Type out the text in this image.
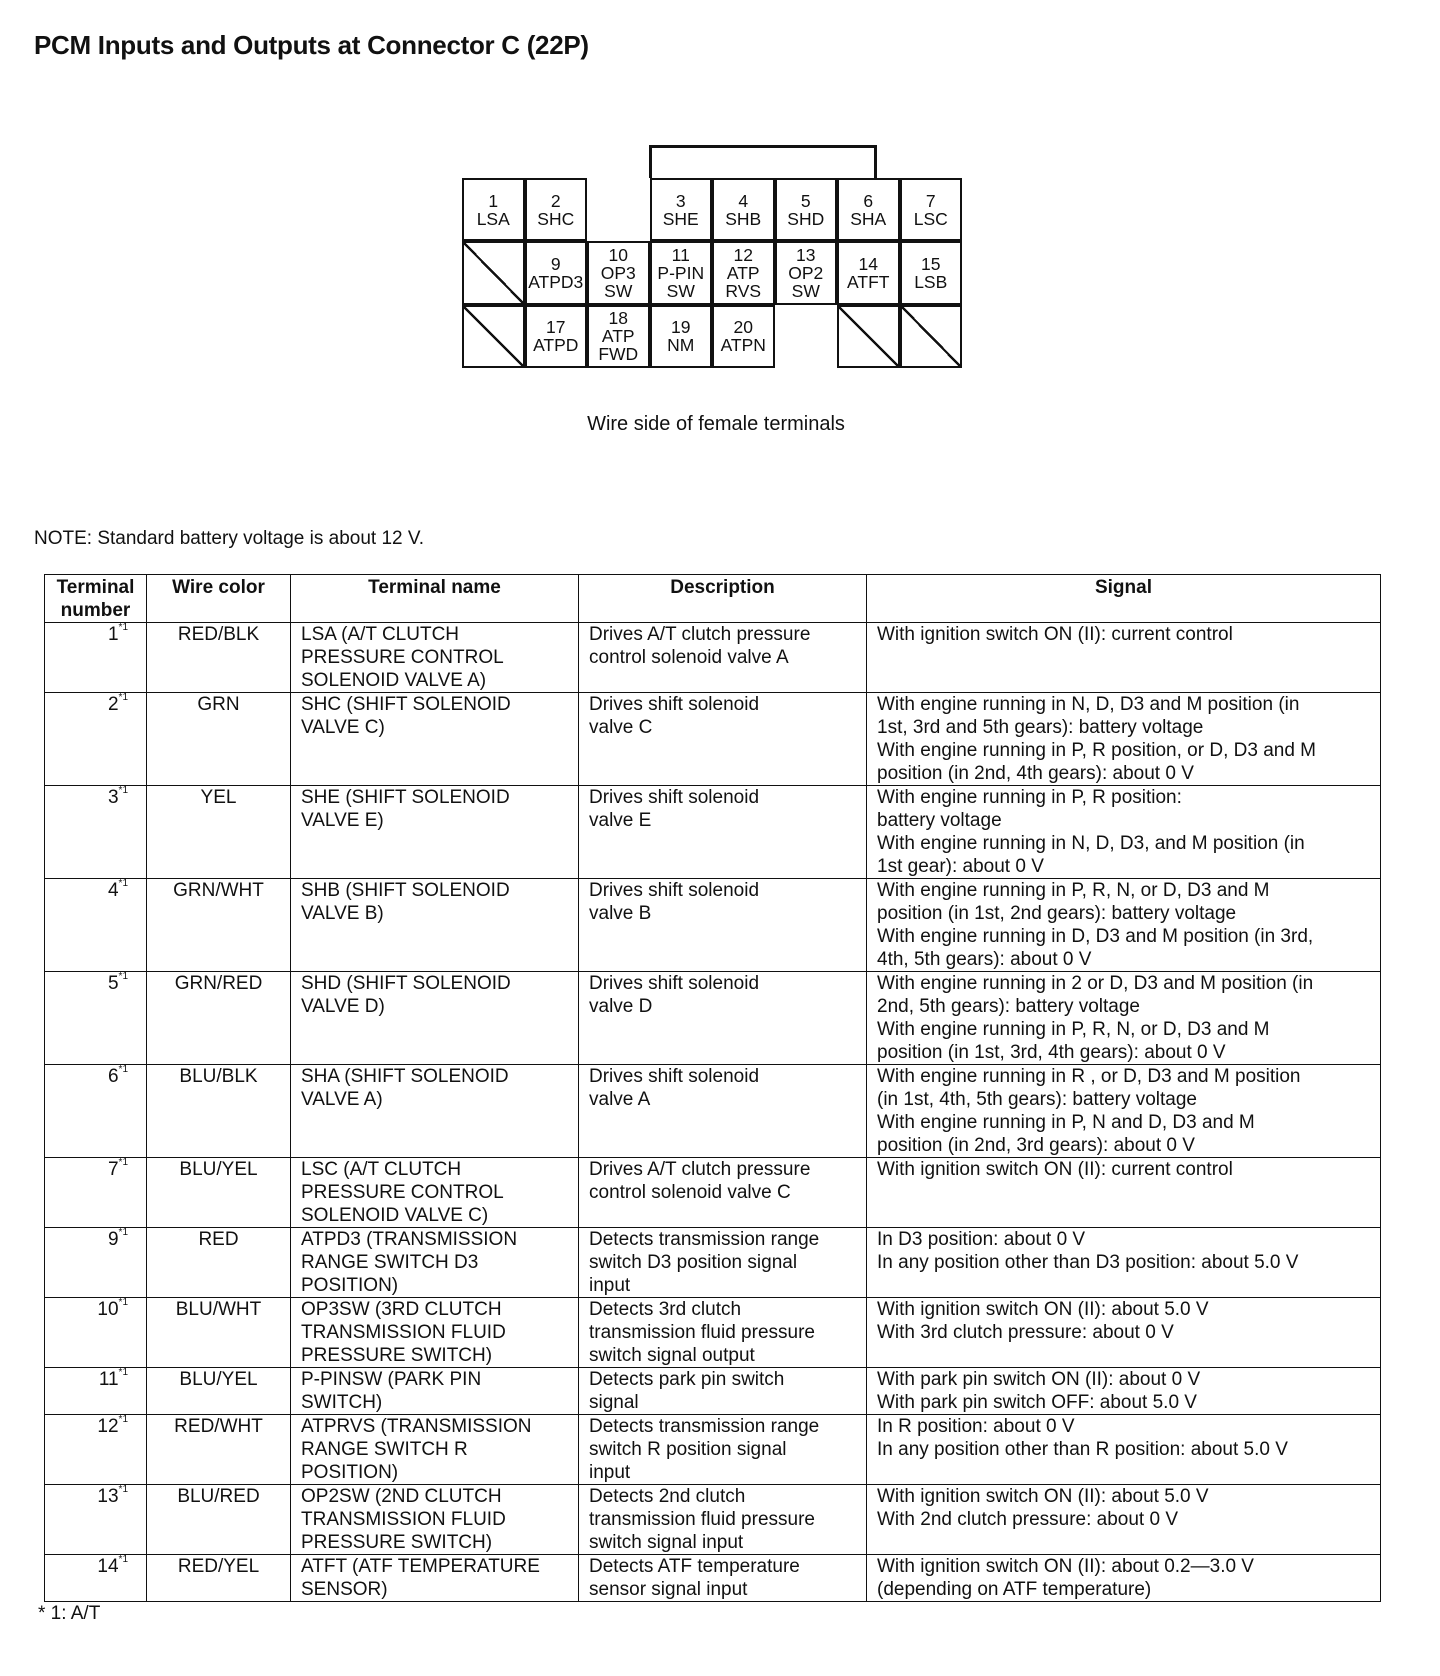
PCM Inputs and Outputs at Connector C (22P)
1
LSA
2
SHC
3
SHE
4
SHB
5
SHD
6
SHA
7
LSC
9
ATPD3
10
OP3
SW
11
P-PIN
SW
12
ATP
RVS
13
OP2
SW
14
ATFT
15
LSB
17
ATPD
18
ATP
FWD
19
NM
20
ATPN
Wire side of female terminals
NOTE: Standard battery voltage is about 12 V.
Terminal
number	Wire color	Terminal name	Description	Signal
1$^{*1}$	RED/BLK	LSA (A/T CLUTCH
PRESSURE CONTROL
SOLENOID VALVE A)	Drives A/T clutch pressure
control solenoid valve A	With ignition switch ON (II): current control

2$^{*1}$	GRN	SHC (SHIFT SOLENOID
VALVE C)	Drives shift solenoid
valve C	With engine running in N, D, D3 and M position (in
1st, 3rd and 5th gears): battery voltage
With engine running in P, R position, or D, D3 and M
position (in 2nd, 4th gears): about 0 V

3$^{*1}$	YEL	SHE (SHIFT SOLENOID
VALVE E)	Drives shift solenoid
valve E	With engine running in P, R position:
battery voltage
With engine running in N, D, D3, and M position (in
1st gear): about 0 V

4$^{*1}$	GRN/WHT	SHB (SHIFT SOLENOID
VALVE B)	Drives shift solenoid
valve B	With engine running in P, R, N, or D, D3 and M
position (in 1st, 2nd gears): battery voltage
With engine running in D, D3 and M position (in 3rd,
4th, 5th gears): about 0 V

5$^{*1}$	GRN/RED	SHD (SHIFT SOLENOID
VALVE D)	Drives shift solenoid
valve D	With engine running in 2 or D, D3 and M position (in
2nd, 5th gears): battery voltage
With engine running in P, R, N, or D, D3 and M
position (in 1st, 3rd, 4th gears): about 0 V

6$^{*1}$	BLU/BLK	SHA (SHIFT SOLENOID
VALVE A)	Drives shift solenoid
valve A	With engine running in R , or D, D3 and M position
(in 1st, 4th, 5th gears): battery voltage
With engine running in P, N and D, D3 and M
position (in 2nd, 3rd gears): about 0 V

7$^{*1}$	BLU/YEL	LSC (A/T CLUTCH
PRESSURE CONTROL
SOLENOID VALVE C)	Drives A/T clutch pressure
control solenoid valve C	With ignition switch ON (II): current control

9$^{*1}$	RED	ATPD3 (TRANSMISSION
RANGE SWITCH D3
POSITION)	Detects transmission range
switch D3 position signal
input	In D3 position: about 0 V
In any position other than D3 position: about 5.0 V

10$^{*1}$	BLU/WHT	OP3SW (3RD CLUTCH
TRANSMISSION FLUID
PRESSURE SWITCH)	Detects 3rd clutch
transmission fluid pressure
switch signal output	With ignition switch ON (II): about 5.0 V
With 3rd clutch pressure: about 0 V

11$^{*1}$	BLU/YEL	P-PINSW (PARK PIN
SWITCH)	Detects park pin switch
signal	With park pin switch ON (II): about 0 V
With park pin switch OFF: about 5.0 V

12$^{*1}$	RED/WHT	ATPRVS (TRANSMISSION
RANGE SWITCH R
POSITION)	Detects transmission range
switch R position signal
input	In R position: about 0 V
In any position other than R position: about 5.0 V

13$^{*1}$	BLU/RED	OP2SW (2ND CLUTCH
TRANSMISSION FLUID
PRESSURE SWITCH)	Detects 2nd clutch
transmission fluid pressure
switch signal input	With ignition switch ON (II): about 5.0 V
With 2nd clutch pressure: about 0 V

14$^{*1}$	RED/YEL	ATFT (ATF TEMPERATURE
SENSOR)	Detects ATF temperature
sensor signal input	With ignition switch ON (II): about 0.2—3.0 V
(depending on ATF temperature)
* 1: A/T
